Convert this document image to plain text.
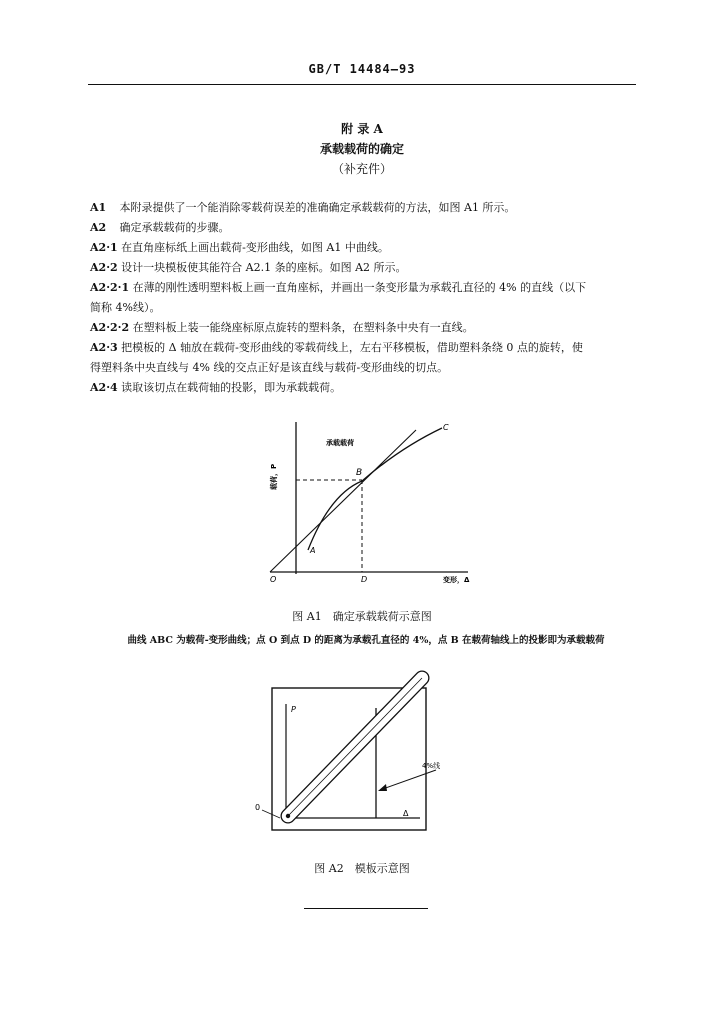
GB/T 14484—93
附 录 A
承载载荷的确定
（补充件）
A1 本附录提供了一个能消除零载荷误差的准确确定承载载荷的方法，如图 A1 所示。
A2 确定承载载荷的步骤。
A2·1 在直角座标纸上画出载荷-变形曲线，如图 A1 中曲线。
A2·2 设计一块模板使其能符合 A2.1 条的座标。如图 A2 所示。
A2·2·1 在薄的刚性透明塑料板上画一直角座标，并画出一条变形量为承载孔直径的 4% 的直线（以下
简称 4%线）。
A2·2·2 在塑料板上装一能绕座标原点旋转的塑料条，在塑料条中央有一直线。
A2·3 把模板的 Δ 轴放在载荷-变形曲线的零载荷线上，左右平移模板，借助塑料条绕 0 点的旋转，使
得塑料条中央直线与 4% 线的交点正好是该直线与载荷-变形曲线的切点。
A2·4 读取该切点在载荷轴的投影，即为承载载荷。
承载载荷
载荷，P
变形，Δ
B
C
A
O	D
图 A1　确定承载载荷示意图
曲线 ABC 为载荷-变形曲线；点 O 到点 D 的距离为承载孔直径的 4%，点 B 在载荷轴线上的投影即为承载载荷
P
4%线
0
Δ
图 A2　模板示意图
